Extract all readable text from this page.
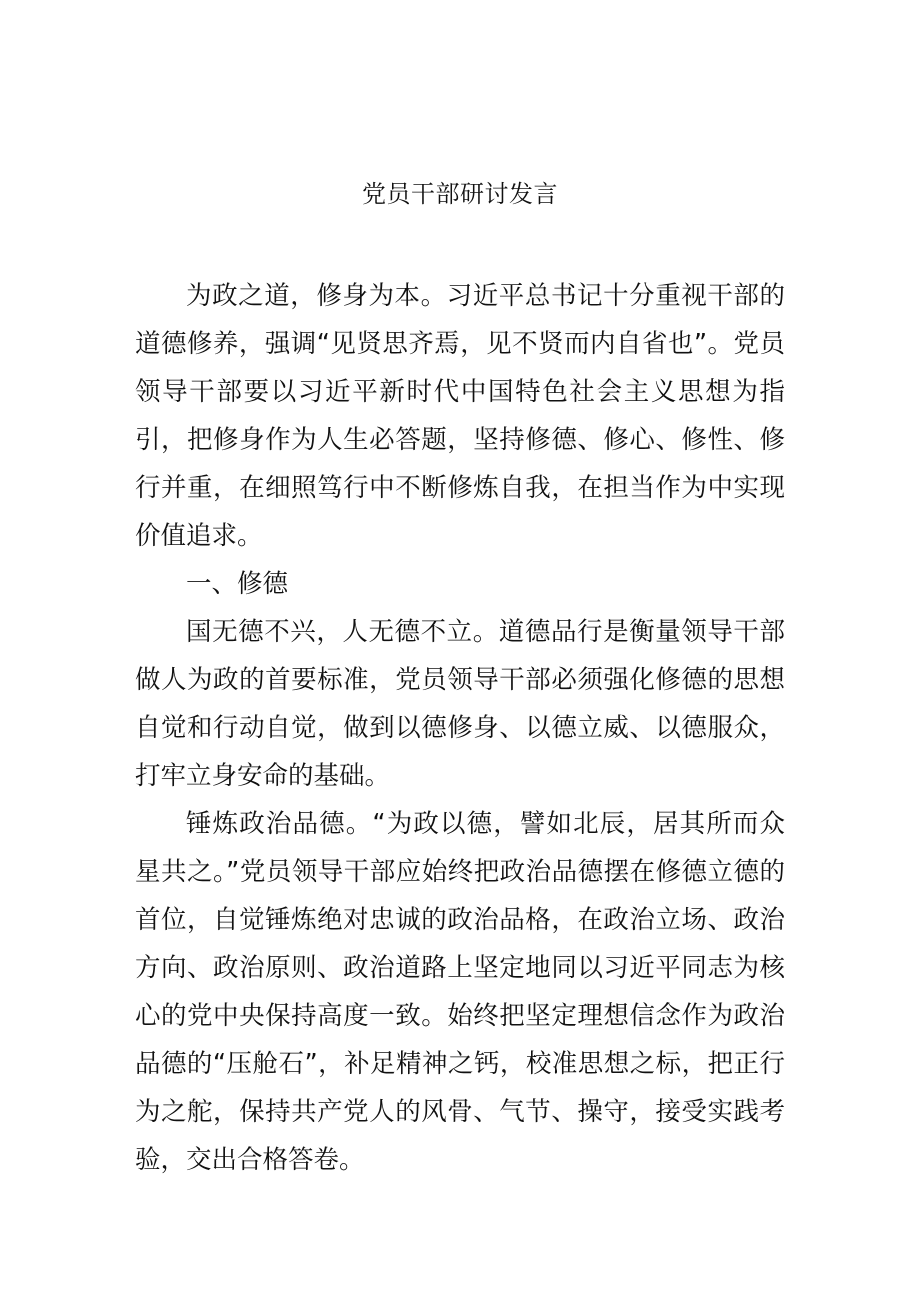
党员干部研讨发言

为政之道，修身为本。习近平总书记十分重视干部的道德修养，强调“见贤思齐焉，见不贤而内自省也”。党员领导干部要以习近平新时代中国特色社会主义思想为指引，把修身作为人生必答题，坚持修德、修心、修性、修行并重，在细照笃行中不断修炼自我，在担当作为中实现价值追求。

一、修德

国无德不兴，人无德不立。道德品行是衡量领导干部做人为政的首要标准，党员领导干部必须强化修德的思想自觉和行动自觉，做到以德修身、以德立威、以德服众，打牢立身安命的基础。

锤炼政治品德。“为政以德，譬如北辰，居其所而众星共之。”党员领导干部应始终把政治品德摆在修德立德的首位，自觉锤炼绝对忠诚的政治品格，在政治立场、政治方向、政治原则、政治道路上坚定地同以习近平同志为核心的党中央保持高度一致。始终把坚定理想信念作为政治品德的“压舱石”，补足精神之钙，校准思想之标，把正行为之舵，保持共产党人的风骨、气节、操守，接受实践考验，交出合格答卷。
